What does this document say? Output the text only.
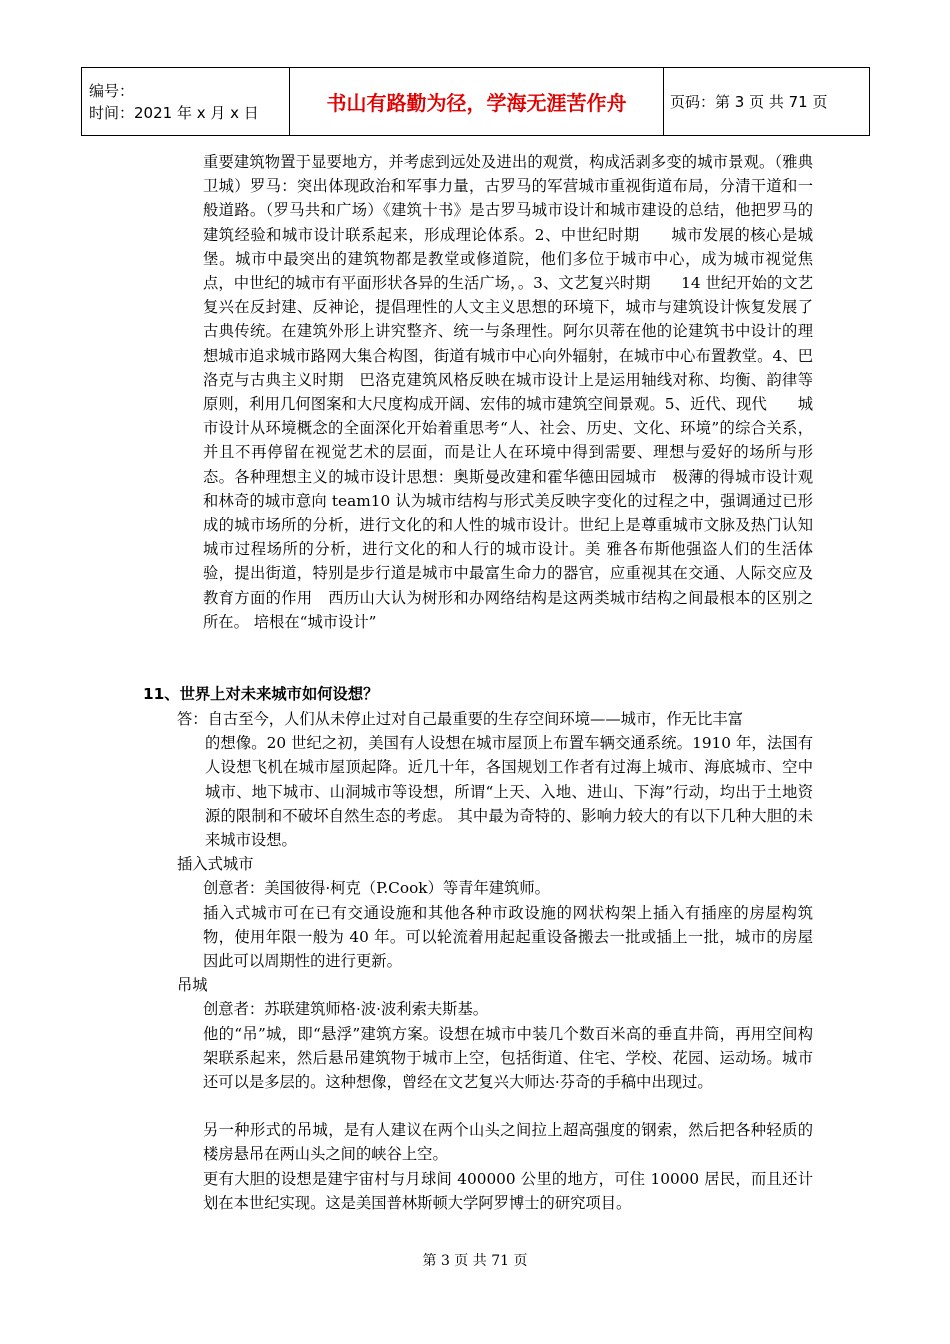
编号：
时间：2021 年 x 月 x 日	书山有路勤为径，学海无涯苦作舟	页码：第 3 页 共 71 页
重要建筑物置于显要地方，并考虑到远处及进出的观赏，构成活剥多变的城市景观。（雅典卫城）罗马：突出体现政治和军事力量，古罗马的军营城市重视街道布局，分清干道和一般道路。（罗马共和广场）《建筑十书》是古罗马城市设计和城市建设的总结，他把罗马的建筑经验和城市设计联系起来，形成理论体系。2、中世纪时期　　城市发展的核心是城堡。城市中最突出的建筑物都是教堂或修道院，他们多位于城市中心，成为城市视觉焦点，中世纪的城市有平面形状各异的生活广场，。3、文艺复兴时期　　14 世纪开始的文艺复兴在反封建、反神论，提倡理性的人文主义思想的环境下，城市与建筑设计恢复发展了古典传统。在建筑外形上讲究整齐、统一与条理性。阿尔贝蒂在他的论建筑书中设计的理想城市追求城市路网大集合构图，街道有城市中心向外辐射，在城市中心布置教堂。4、巴洛克与古典主义时期　巴洛克建筑风格反映在城市设计上是运用轴线对称、均衡、韵律等原则，利用几何图案和大尺度构成开阔、宏伟的城市建筑空间景观。5、近代、现代　　城市设计从环境概念的全面深化开始着重思考“人、社会、历史、文化、环境”的综合关系，并且不再停留在视觉艺术的层面，而是让人在环境中得到需要、理想与爱好的场所与形态。各种理想主义的城市设计思想：奥斯曼改建和霍华德田园城市　极薄的得城市设计观和林奇的城市意向 team10 认为城市结构与形式美反映字变化的过程之中，强调通过已形成的城市场所的分析，进行文化的和人性的城市设计。世纪上是尊重城市文脉及热门认知城市过程场所的分析，进行文化的和人行的城市设计。美 雅各布斯他强盗人们的生活体验，提出街道，特别是步行道是城市中最富生命力的器官，应重视其在交通、人际交应及教育方面的作用　西历山大认为树形和办网络结构是这两类城市结构之间最根本的区别之所在。 培根在“城市设计”
11、世界上对未来城市如何设想？
答：自古至今，人们从未停止过对自己最重要的生存空间环境——城市，作无比丰富
的想像。20 世纪之初，美国有人设想在城市屋顶上布置车辆交通系统。1910 年，法国有人设想飞机在城市屋顶起降。近几十年，各国规划工作者有过海上城市、海底城市、空中城市、地下城市、山洞城市等设想，所谓“上天、入地、进山、下海”行动，均出于土地资源的限制和不破坏自然生态的考虑。 其中最为奇特的、影响力较大的有以下几种大胆的未来城市设想。
插入式城市
创意者：美国彼得·柯克（P.Cook）等青年建筑师。
插入式城市可在已有交通设施和其他各种市政设施的网状构架上插入有插座的房屋构筑物，使用年限一般为 40 年。可以轮流着用起起重设备搬去一批或插上一批，城市的房屋因此可以周期性的进行更新。
吊城
创意者：苏联建筑师格·波·波利索夫斯基。
他的“吊”城，即“悬浮”建筑方案。设想在城市中装几个数百米高的垂直井筒，再用空间构架联系起来，然后悬吊建筑物于城市上空，包括街道、住宅、学校、花园、运动场。城市还可以是多层的。这种想像，曾经在文艺复兴大师达·芬奇的手稿中出现过。
另一种形式的吊城，是有人建议在两个山头之间拉上超高强度的钢索，然后把各种轻质的楼房悬吊在两山头之间的峡谷上空。
更有大胆的设想是建宇宙村与月球间 400000 公里的地方，可住 10000 居民，而且还计划在本世纪实现。这是美国普林斯顿大学阿罗博士的研究项目。
第 3 页 共 71 页
